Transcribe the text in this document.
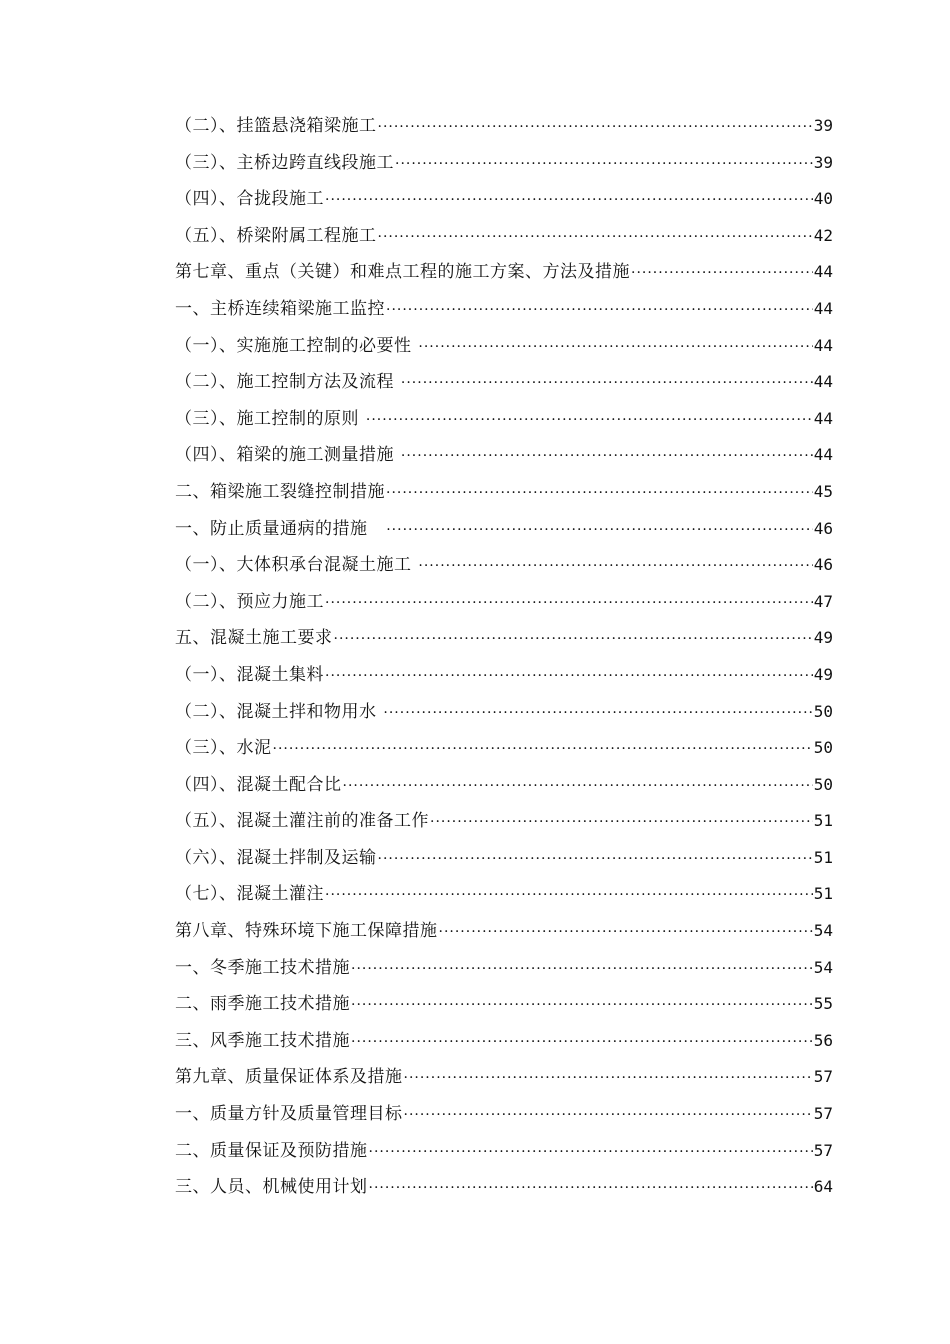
（二）、挂篮悬浇箱梁施工 ·····	39
（三）、主桥边跨直线段施工 ·····	39
（四）、合拢段施工 ·····	40
（五）、桥梁附属工程施工 ·····	42
第七章、重点（关键）和难点工程的施工方案、方法及措施 ·····	44
一、主桥连续箱梁施工监控 ·····	44
（一）、实施施工控制的必要性 ·····	44
（二）、施工控制方法及流程 ·····	44
（三）、施工控制的原则 ·····	44
（四）、箱梁的施工测量措施 ·····	44
二、箱梁施工裂缝控制措施 ·····	45
一、防止质量通病的措施 ·····	46
（一）、大体积承台混凝土施工 ·····	46
（二）、预应力施工 ·····	47
五、混凝土施工要求 ·····	49
（一）、混凝土集料 ·····	49
（二）、混凝土拌和物用水 ·····	50
（三）、水泥 ·····	50
（四）、混凝土配合比 ·····	50
（五）、混凝土灌注前的准备工作 ·····	51
（六）、混凝土拌制及运输 ·····	51
（七）、混凝土灌注 ·····	51
第八章、特殊环境下施工保障措施 ·····	54
一、冬季施工技术措施 ·····	54
二、雨季施工技术措施 ·····	55
三、风季施工技术措施 ·····	56
第九章、质量保证体系及措施 ·····	57
一、质量方针及质量管理目标 ·····	57
二、质量保证及预防措施 ·····	57
三、人员、机械使用计划 ·····	64
